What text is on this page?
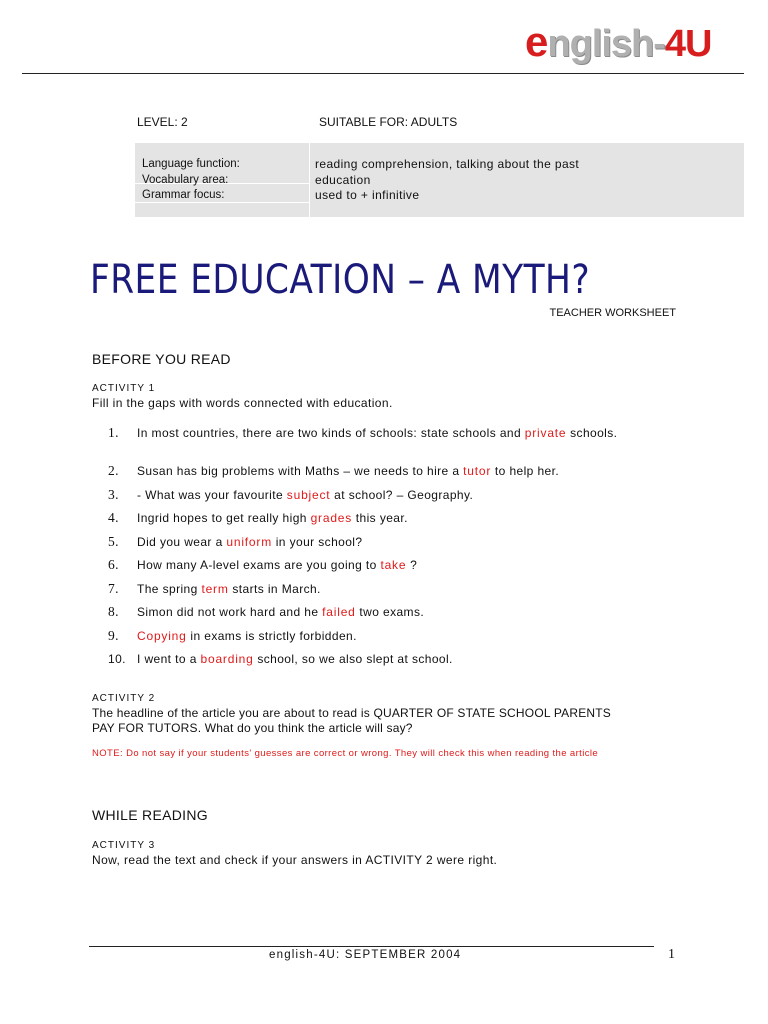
english-4U
LEVEL: 2	SUITABLE FOR: ADULTS
Language function:	reading comprehension, talking about the past
Vocabulary area:	education
Grammar focus:	used to + infinitive
FREE EDUCATION – A MYTH?
TEACHER WORKSHEET
BEFORE YOU READ
ACTIVITY 1
Fill in the gaps with words connected with education.
1.	In most countries, there are two kinds of schools: state schools and private schools.
2.	Susan has big problems with Maths – we needs to hire a tutor to help her.
3.	- What was your favourite subject at school? – Geography.
4.	Ingrid hopes to get really high grades this year.
5.	Did you wear a uniform in your school?
6.	How many A-level exams are you going to take ?
7.	The spring term starts in March.
8.	Simon did not work hard and he failed two exams.
9.	Copying in exams is strictly forbidden.
10. I went to a boarding school, so we also slept at school.
ACTIVITY 2
The headline of the article you are about to read is QUARTER OF STATE SCHOOL PARENTS
PAY FOR TUTORS. What do you think the article will say?
NOTE: Do not say if your students' guesses are correct or wrong. They will check this when reading the article
WHILE READING
ACTIVITY 3
Now, read the text and check if your answers in ACTIVITY 2 were right.
english-4U: SEPTEMBER 2004	1
